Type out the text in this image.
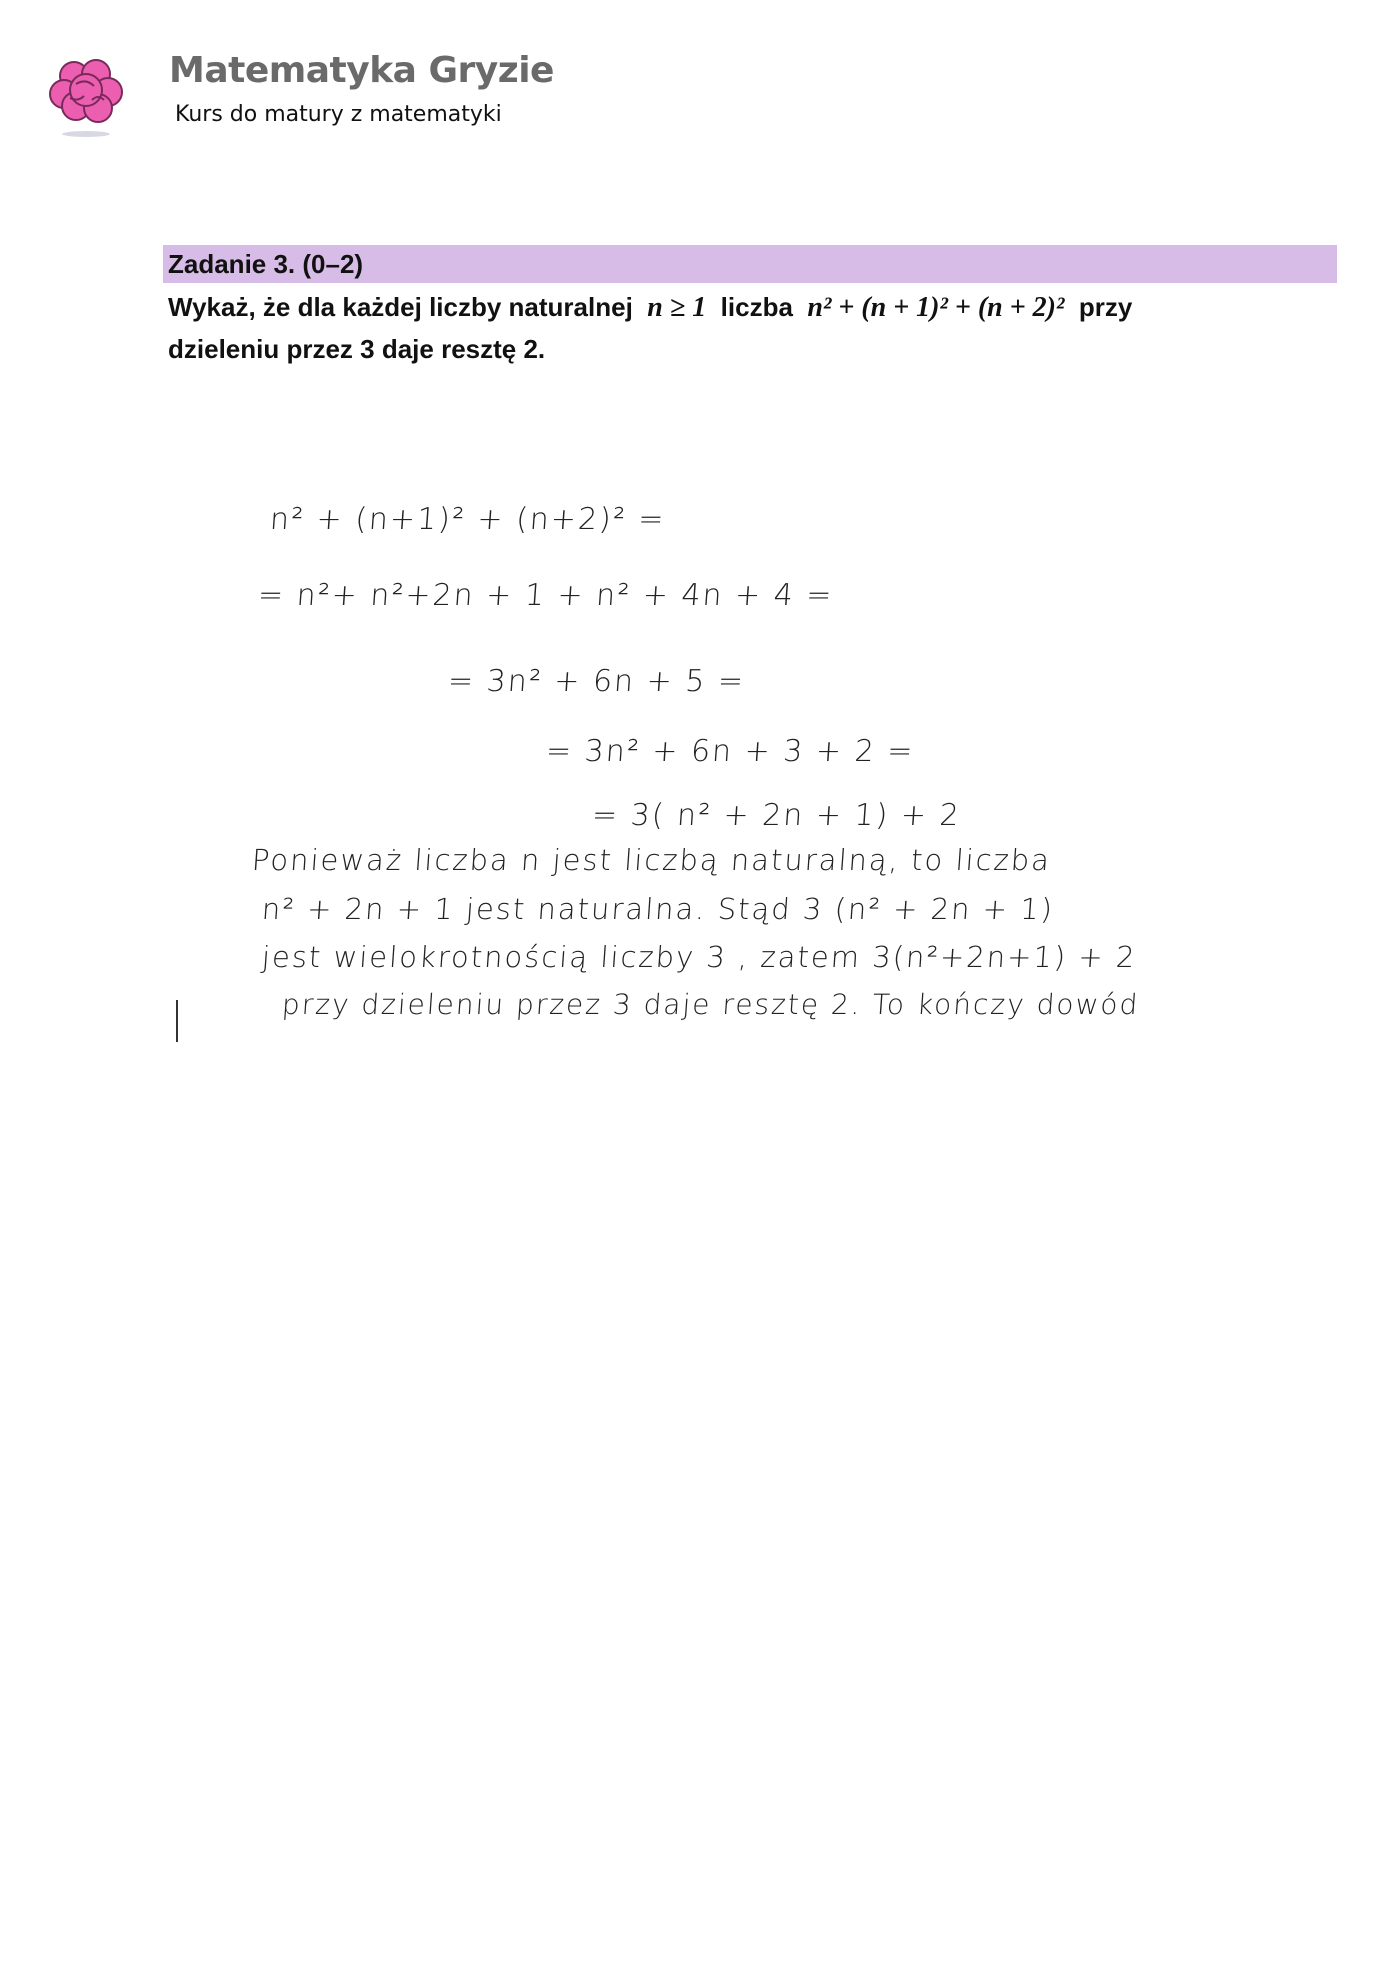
Matematyka Gryzie
Kurs do matury z matematyki
Zadanie 3. (0–2)
Wykaż, że dla każdej liczby naturalnej n ≥ 1 liczba n² + (n + 1)² + (n + 2)² przy
dzieleniu przez 3 daje resztę 2.
n² + (n+1)² + (n+2)² =
= n²+ n²+2n + 1 + n² + 4n + 4 =
= 3n² + 6n + 5 =
= 3n² + 6n + 3 + 2 =
= 3( n² + 2n + 1) + 2
Ponieważ liczba n jest liczbą naturalną, to liczba
n² + 2n + 1 jest naturalna. Stąd 3 (n² + 2n + 1)
jest wielokrotnością liczby 3 , zatem 3(n²+2n+1) + 2
przy dzieleniu przez 3 daje resztę 2. To kończy dowód
